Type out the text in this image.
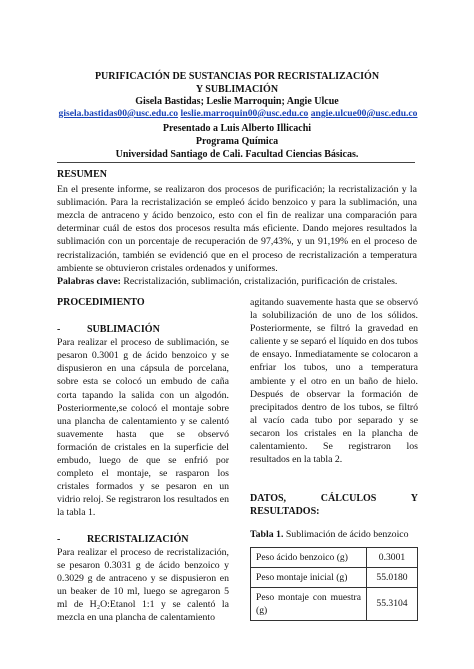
PURIFICACIÓN DE SUSTANCIAS POR RECRISTALIZACIÓN
Y SUBLIMACIÓN
Gisela Bastidas; Leslie Marroquin; Angie Ulcue
gisela.bastidas00@usc.edu.co leslie.marroquin00@usc.edu.co angie.ulcue00@usc.edu.co
Presentado a Luis Alberto Illicachi
Programa Química
Universidad Santiago de Cali. Facultad Ciencias Básicas.
RESUMEN

En el presente informe, se realizaron dos procesos de purificación; la recristalización y la sublimación. Para la recristalización se empleó ácido benzoico y para la sublimación, una mezcla de antraceno y ácido benzoico, esto con el fin de realizar una comparación para determinar cuál de estos dos procesos resulta más eficiente. Dando mejores resultados la sublimación con un porcentaje de recuperación de 97,43%, y un 91,19% en el proceso de recristalización, también se evidenció que en el proceso de recristalización a temperatura ambiente se obtuvieron cristales ordenados y uniformes.

Palabras clave: Recristalización, sublimación, cristalización, purificación de cristales.

PROCEDIMIENTO

-	SUBLIMACIÓN

Para realizar el proceso de sublimación, se pesaron 0.3001 g de ácido benzoico y se dispusieron en una cápsula de porcelana, sobre esta se colocó un embudo de caña corta tapando la salida con un algodón. Posteriormente,se colocó el montaje sobre una plancha de calentamiento y se calentó suavemente hasta que se observó formación de cristales en la superficie del embudo, luego de que se enfrió por completo el montaje, se rasparon los cristales formados y se pesaron en un vidrio reloj. Se registraron los resultados en la tabla 1.

-	RECRISTALIZACIÓN

Para realizar el proceso de recristalización, se pesaron 0.3031 g de ácido benzoico y 0.3029 g de antraceno y se dispusieron en un beaker de 10 ml, luego se agregaron 5 ml de H₂O:Etanol 1:1 y se calentó la mezcla en una plancha de calentamiento

agitando suavemente hasta que se observó la solubilización de uno de los sólidos. Posteriormente, se filtró la gravedad en caliente y se separó el líquido en dos tubos de ensayo. Inmediatamente se colocaron a enfriar los tubos, uno a temperatura ambiente y el otro en un baño de hielo. Después de observar la formación de precipitados dentro de los tubos, se filtró al vacío cada tubo por separado y se secaron los cristales en la plancha de calentamiento. Se registraron los resultados en la tabla 2.

DATOS, CÁLCULOS Y RESULTADOS:

Tabla 1. Sublimación de ácido benzoico

Peso ácido benzoico (g)	0.3001
Peso montaje inicial (g)	55.0180
Peso montaje con muestra (g)	55.3104
